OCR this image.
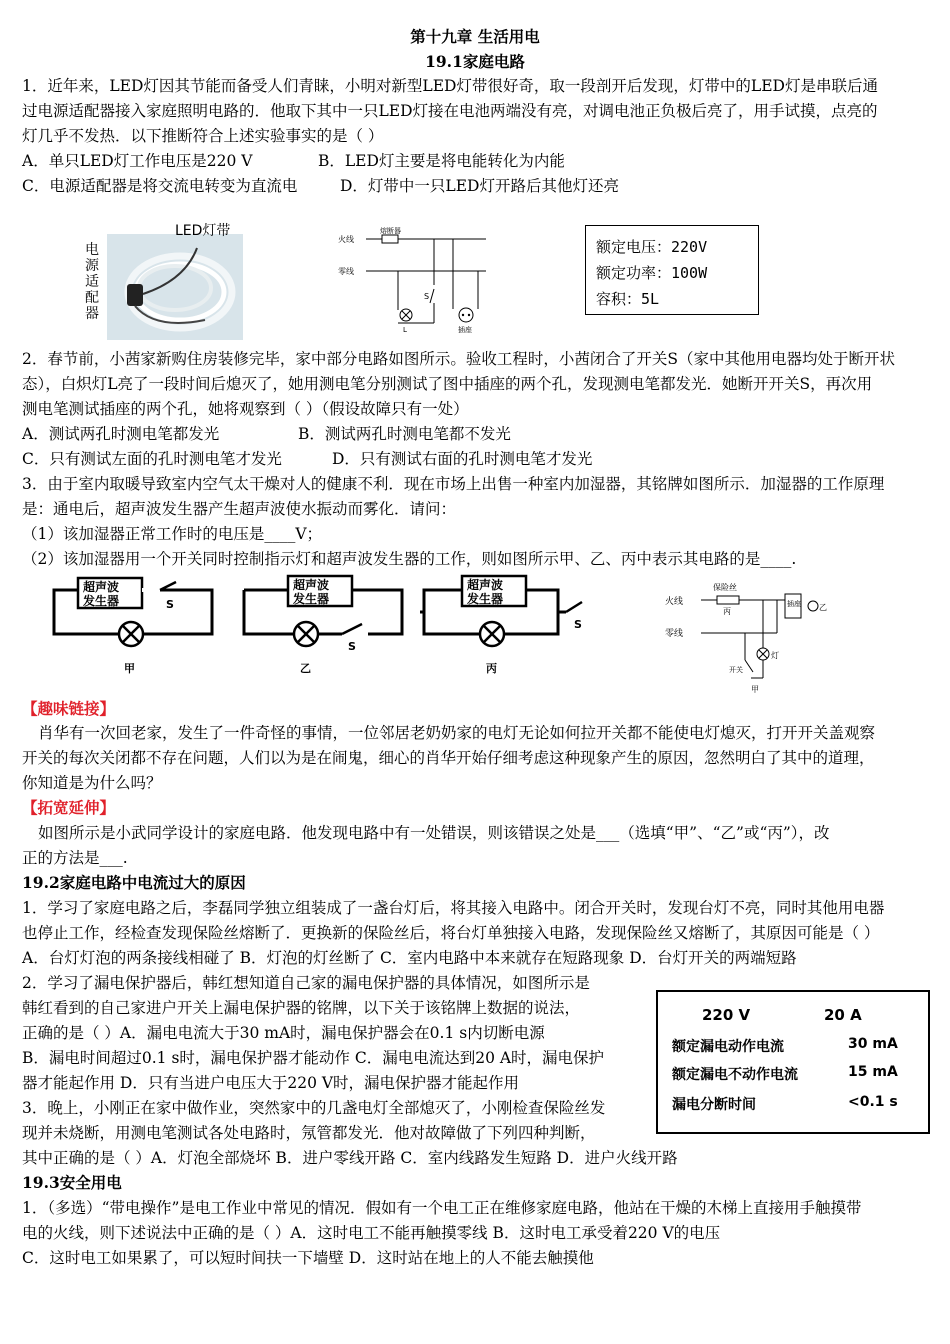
第十九章 生活用电
19.1家庭电路
1．近年来，LED灯因其节能而备受人们青睐，小明对新型LED灯带很好奇，取一段剖开后发现，灯带中的LED灯是串联后通
过电源适配器接入家庭照明电路的．他取下其中一只LED灯接在电池两端没有亮，对调电池正负极后亮了，用手试摸，点亮的
灯几乎不发热．以下推断符合上述实验事实的是（ ）
A．单只LED灯工作电压是220 V	B．LED灯主要是将电能转化为内能
C．电源适配器是将交流电转变为直流电	D．灯带中一只LED灯开路后其他灯还亮
电源适配器
LED灯带
火线
零线
熔断器
S
L	插座
额定电压：220V
额定功率：100W
容积：5L
2．春节前，小茜家新购住房装修完毕，家中部分电路如图所示。验收工程时，小茜闭合了开关S（家中其他用电器均处于断开状
态），白炽灯L亮了一段时间后熄灭了，她用测电笔分别测试了图中插座的两个孔，发现测电笔都发光．她断开开关S，再次用
测电笔测试插座的两个孔，她将观察到（ ）（假设故障只有一处）
A．测试两孔时测电笔都发光	B．测试两孔时测电笔都不发光
C．只有测试左面的孔时测电笔才发光	D．只有测试右面的孔时测电笔才发光
3．由于室内取暖导致室内空气太干燥对人的健康不利．现在市场上出售一种室内加湿器，其铭牌如图所示．加湿器的工作原理
是：通电后，超声波发生器产生超声波使水振动而雾化．请问：
（1）该加湿器正常工作时的电压是____V；
（2）该加湿器用一个开关同时控制指示灯和超声波发生器的工作，则如图所示甲、乙、丙中表示其电路的是____.
超声波
发生器	S
甲
超声波
发生器
S
乙
超声波
发生器
S
丙
火线
零线
保险丝
丙
插座 乙
灯
开关
甲
【趣味链接】
肖华有一次回老家，发生了一件奇怪的事情，一位邻居老奶奶家的电灯无论如何拉开关都不能使电灯熄灭，打开开关盖观察
开关的每次关闭都不存在问题，人们以为是在闹鬼，细心的肖华开始仔细考虑这种现象产生的原因，忽然明白了其中的道理，
你知道是为什么吗？
【拓宽延伸】
如图所示是小武同学设计的家庭电路．他发现电路中有一处错误，则该错误之处是___（选填“甲”、“乙”或“丙”），改
正的方法是___.
19.2家庭电路中电流过大的原因
1．学习了家庭电路之后，李磊同学独立组装成了一盏台灯后，将其接入电路中。闭合开关时，发现台灯不亮，同时其他用电器
也停止工作，经检查发现保险丝熔断了．更换新的保险丝后，将台灯单独接入电路，发现保险丝又熔断了，其原因可能是（ ）
A．台灯灯泡的两条接线相碰了 B．灯泡的灯丝断了 C．室内电路中本来就存在短路现象 D．台灯开关的两端短路
2．学习了漏电保护器后，韩红想知道自己家的漏电保护器的具体情况，如图所示是
韩红看到的自己家进户开关上漏电保护器的铭牌，以下关于该铭牌上数据的说法，
正确的是（ ）A．漏电电流大于30 mA时，漏电保护器会在0.1 s内切断电源
B．漏电时间超过0.1 s时，漏电保护器才能动作 C．漏电电流达到20 A时，漏电保护
器才能起作用 D．只有当进户电压大于220 V时，漏电保护器才能起作用
3．晚上，小刚正在家中做作业，突然家中的几盏电灯全部熄灭了，小刚检查保险丝发
现并未烧断，用测电笔测试各处电路时，氖管都发光．他对故障做了下列四种判断，
其中正确的是（ ）A．灯泡全部烧坏 B．进户零线开路 C．室内线路发生短路 D．进户火线开路
220 V	20 A
额定漏电动作电流	30 mA
额定漏电不动作电流	15 mA
漏电分断时间	<0.1 s
19.3安全用电
1．（多选）“带电操作”是电工作业中常见的情况．假如有一个电工正在维修家庭电路，他站在干燥的木梯上直接用手触摸带
电的火线，则下述说法中正确的是（ ）A．这时电工不能再触摸零线 B．这时电工承受着220 V的电压
C．这时电工如果累了，可以短时间扶一下墙壁 D．这时站在地上的人不能去触摸他
